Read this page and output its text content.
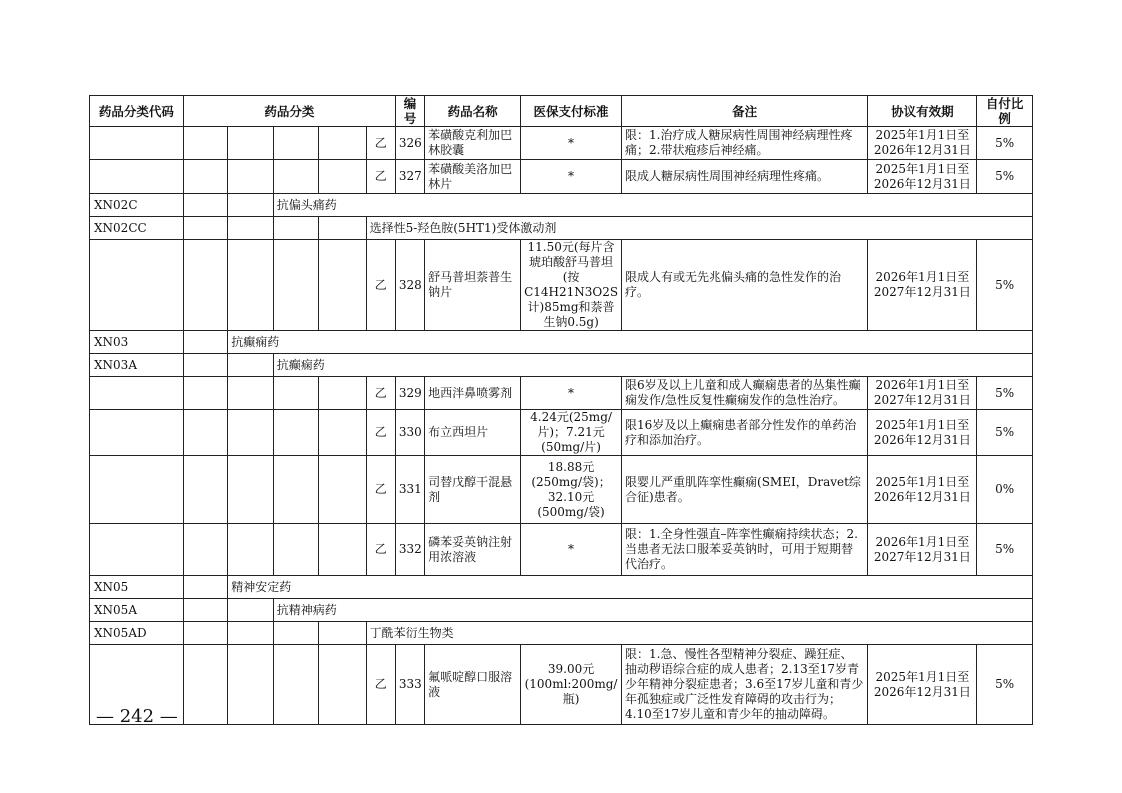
药品分类代码	药品分类					编号	药品名称	医保支付标准	备注	协议有效期	自付比例
					乙	326	苯磺酸克利加巴林胶囊	*	限：1.治疗成人糖尿病性周围神经病理性疼痛；2.带状疱疹后神经痛。	2025年1月1日至2026年12月31日	5%
					乙	327	苯磺酸美洛加巴林片	*	限成人糖尿病性周围神经病理性疼痛。	2025年1月1日至2026年12月31日	5%
XN02C			抗偏头痛药								
XN02CC					选择性5-羟色胺(5HT1)受体激动剂						
					乙	328	舒马普坦萘普生钠片	11.50元(每片含琥珀酸舒马普坦(按C14H21N3O2S计)85mg和萘普生钠0.5g)	限成人有或无先兆偏头痛的急性发作的治疗。	2026年1月1日至2027年12月31日	5%
XN03		抗癫痫药									
XN03A			抗癫痫药								
					乙	329	地西泮鼻喷雾剂	*	限6岁及以上儿童和成人癫痫患者的丛集性癫痫发作/急性反复性癫痫发作的急性治疗。	2026年1月1日至2027年12月31日	5%
					乙	330	布立西坦片	4.24元(25mg/片)；7.21元(50mg/片)	限16岁及以上癫痫患者部分性发作的单药治疗和添加治疗。	2025年1月1日至2026年12月31日	5%
					乙	331	司替戊醇干混悬剂	18.88元(250mg/袋)；32.10元(500mg/袋)	限婴儿严重肌阵挛性癫痫(SMEI，Dravet综合征)患者。	2025年1月1日至2026年12月31日	0%
					乙	332	磷苯妥英钠注射用浓溶液	*	限：1.全身性强直–阵挛性癫痫持续状态；2.当患者无法口服苯妥英钠时，可用于短期替代治疗。	2026年1月1日至2027年12月31日	5%
XN05		精神安定药									
XN05A			抗精神病药								
XN05AD					丁酰苯衍生物类						
					乙	333	氟哌啶醇口服溶液	39.00元(100ml:200mg/瓶)	限：1.急、慢性各型精神分裂症、躁狂症、抽动秽语综合症的成人患者；2.13至17岁青少年精神分裂症患者；3.6至17岁儿童和青少年孤独症或广泛性发育障碍的攻击行为；4.10至17岁儿童和青少年的抽动障碍。	2025年1月1日至2026年12月31日	5%
— 242 —
